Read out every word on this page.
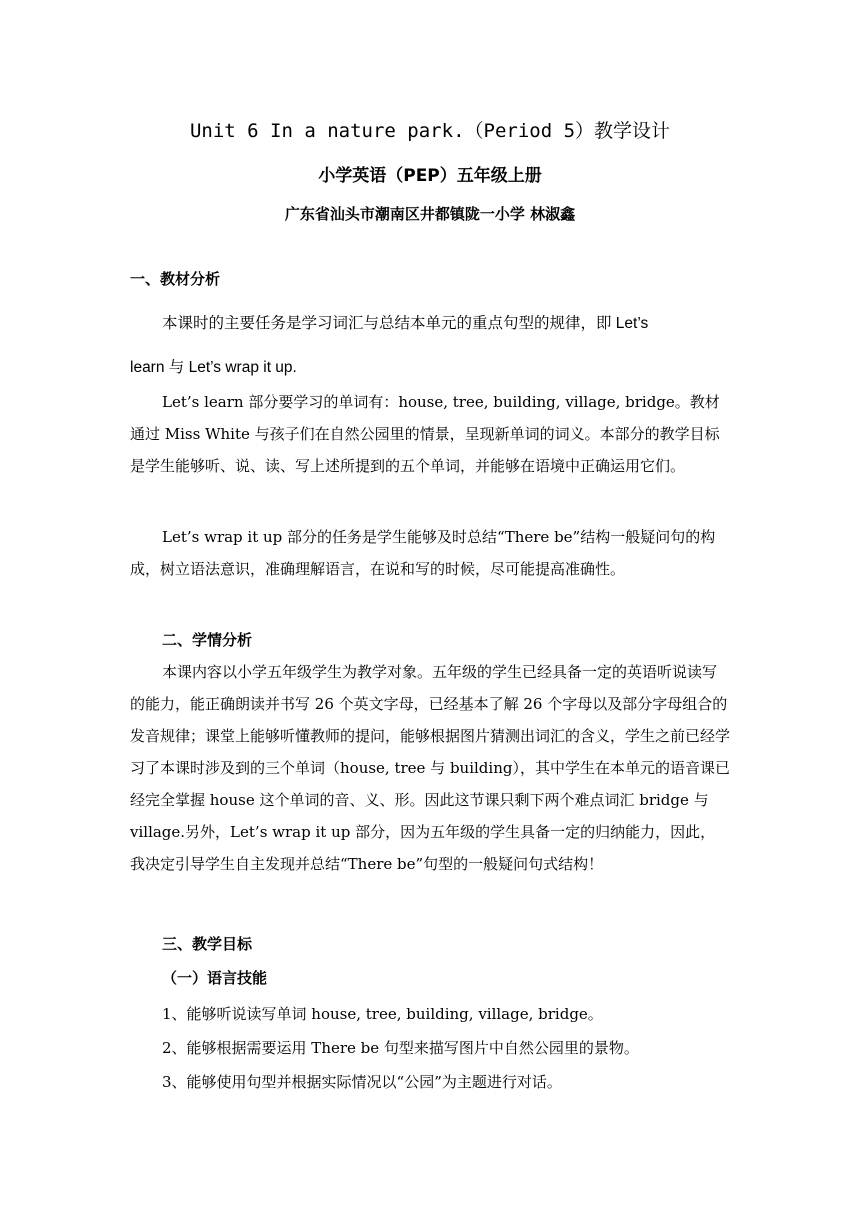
Unit 6 In a nature park.（Period 5）教学设计
小学英语（PEP）五年级上册
广东省汕头市潮南区井都镇陇一小学 林淑鑫
一、教材分析
本课时的主要任务是学习词汇与总结本单元的重点句型的规律，即 Let’s
learn 与 Let’s wrap it up.
Let’s learn 部分要学习的单词有：house, tree, building, village, bridge。教材通过 Miss White 与孩子们在自然公园里的情景，呈现新单词的词义。本部分的教学目标是学生能够听、说、读、写上述所提到的五个单词，并能够在语境中正确运用它们。
Let’s wrap it up 部分的任务是学生能够及时总结“There be”结构一般疑问句的构成，树立语法意识，准确理解语言，在说和写的时候，尽可能提高准确性。
二、学情分析
本课内容以小学五年级学生为教学对象。五年级的学生已经具备一定的英语听说读写的能力，能正确朗读并书写 26 个英文字母，已经基本了解 26 个字母以及部分字母组合的发音规律；课堂上能够听懂教师的提问，能够根据图片猜测出词汇的含义，学生之前已经学习了本课时涉及到的三个单词（house, tree 与 building），其中学生在本单元的语音课已经完全掌握 house 这个单词的音、义、形。因此这节课只剩下两个难点词汇 bridge 与 village.另外，Let’s wrap it up 部分，因为五年级的学生具备一定的归纳能力，因此，我决定引导学生自主发现并总结“There be”句型的一般疑问句式结构！
三、教学目标
（一）语言技能
1、能够听说读写单词 house, tree, building, village, bridge。
2、能够根据需要运用 There be 句型来描写图片中自然公园里的景物。
3、能够使用句型并根据实际情况以“公园”为主题进行对话。
